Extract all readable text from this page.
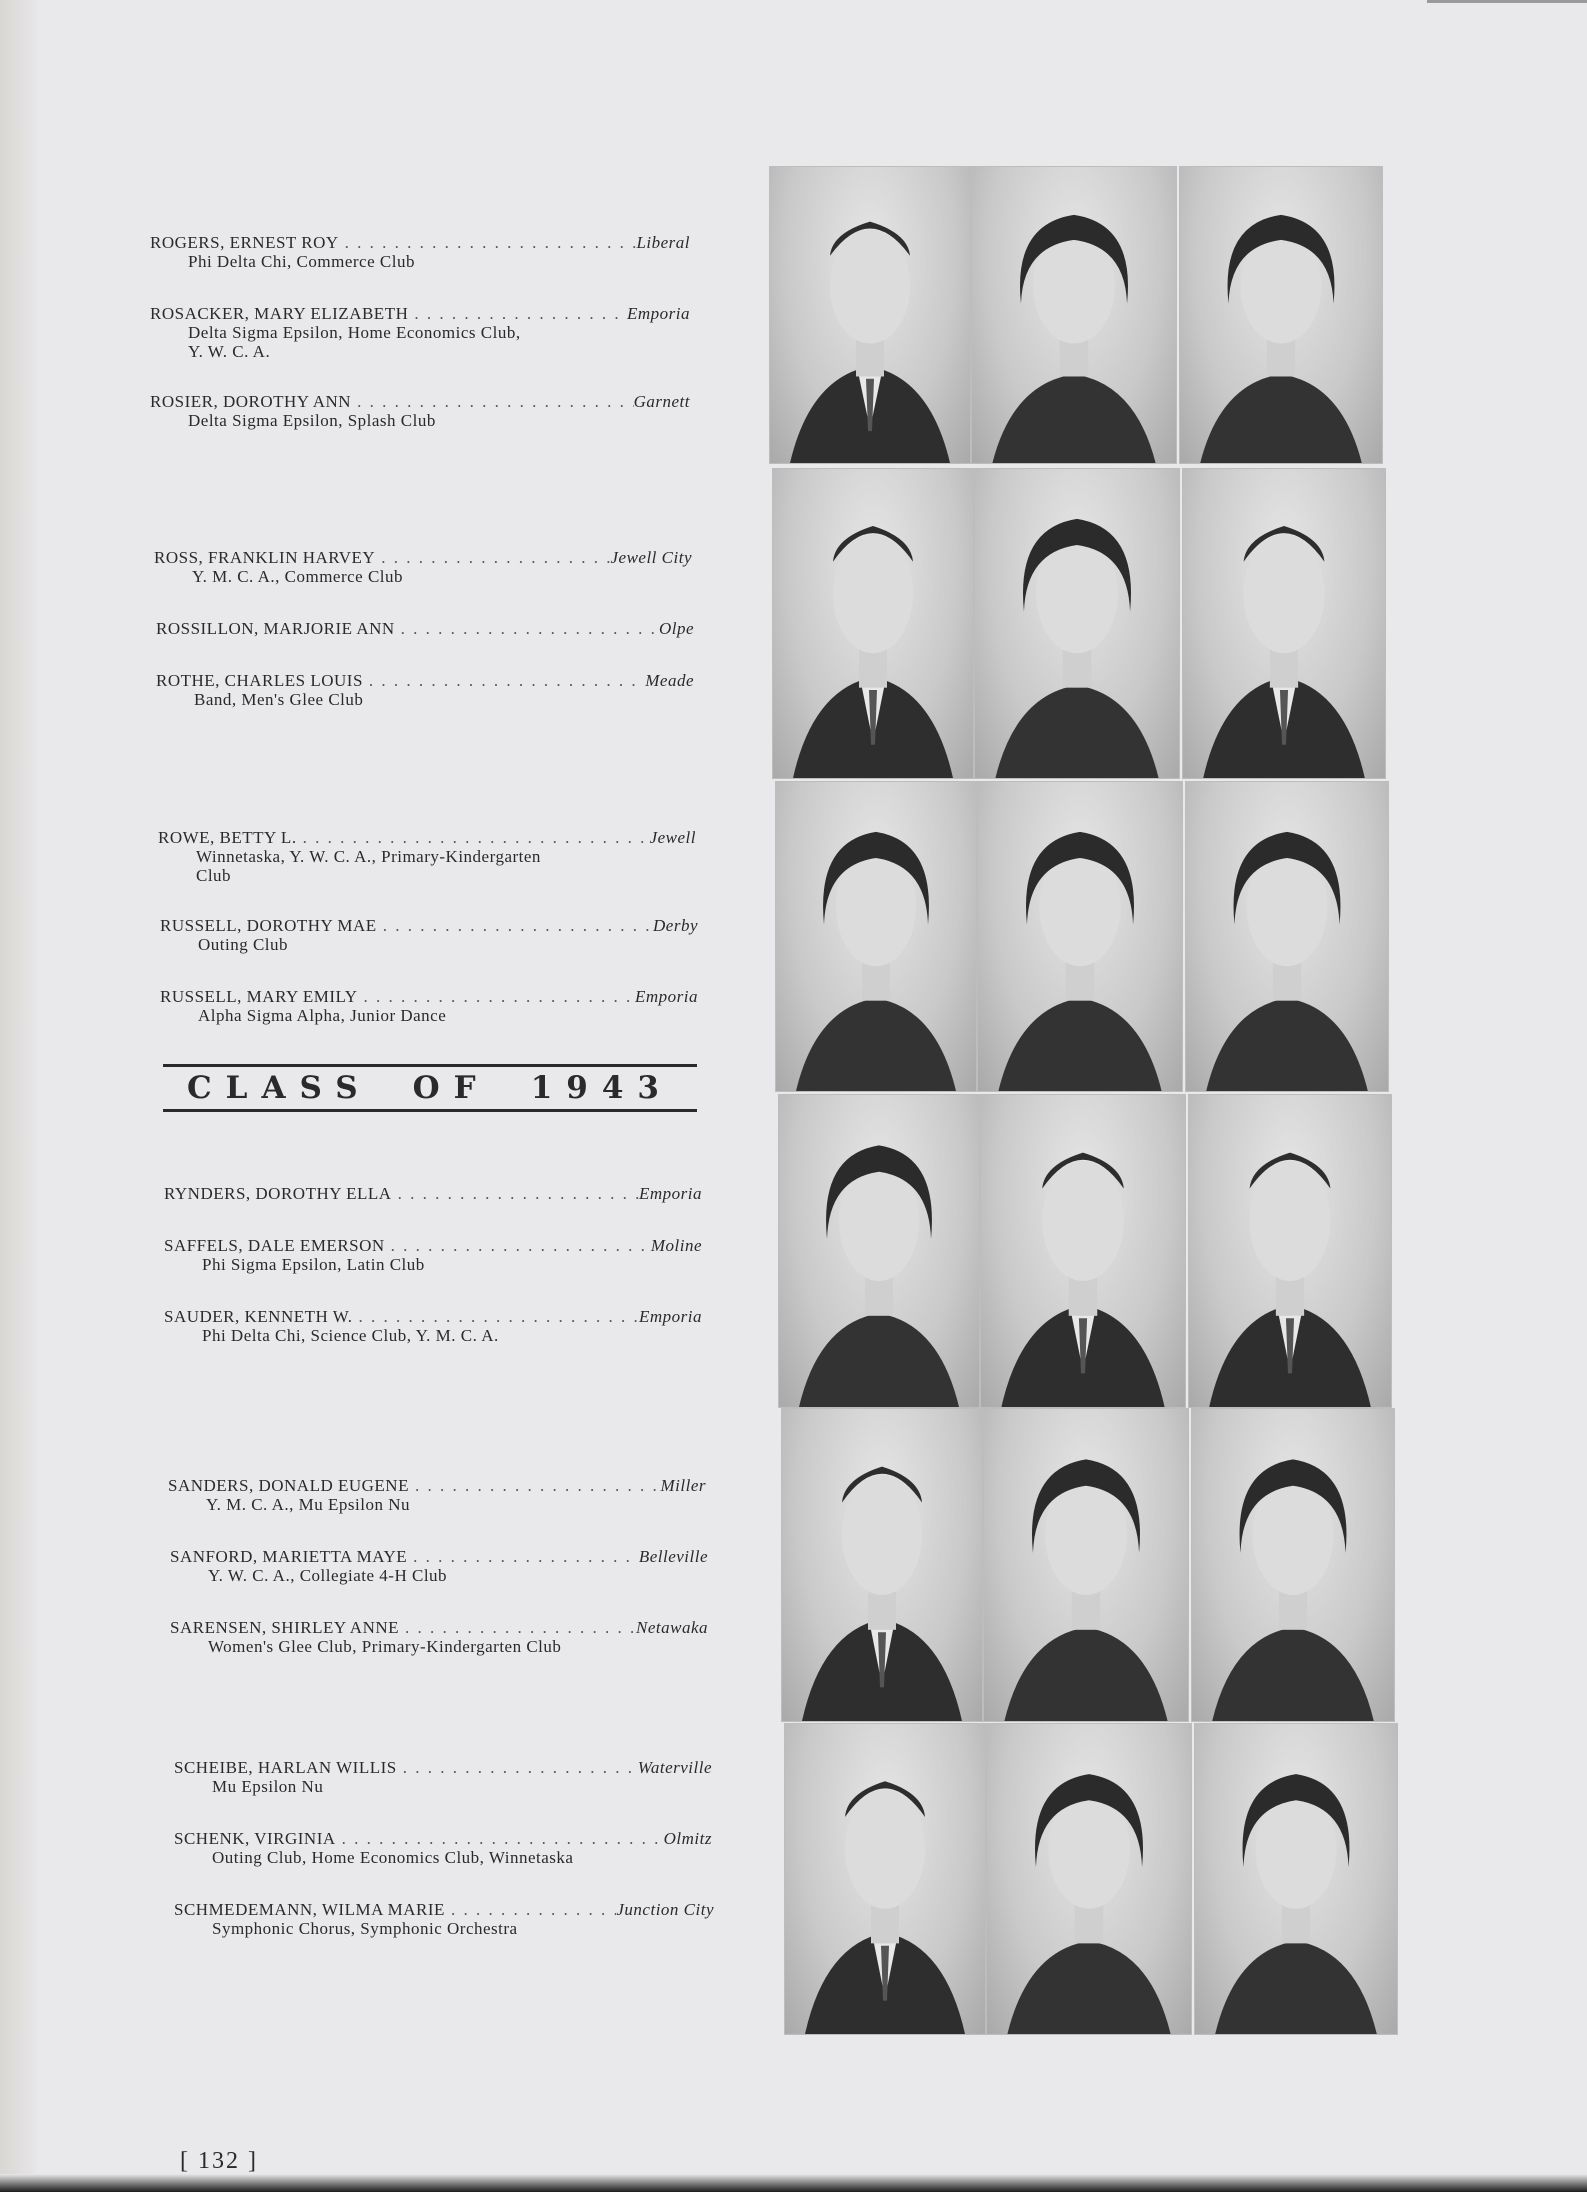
ROGERS, ERNEST ROY . . .	Liberal
Phi Delta Chi, Commerce Club
ROSACKER, MARY ELIZABETH . . .	Emporia
Delta Sigma Epsilon, Home Economics Club,
Y. W. C. A.
ROSIER, DOROTHY ANN . . .	Garnett
Delta Sigma Epsilon, Splash Club
ROSS, FRANKLIN HARVEY . . .	Jewell City
Y. M. C. A., Commerce Club
ROSSILLON, MARJORIE ANN . . .	Olpe
ROTHE, CHARLES LOUIS . . .	Meade
Band, Men's Glee Club
ROWE, BETTY L. . . .	Jewell
Winnetaska, Y. W. C. A., Primary-Kindergarten
Club
RUSSELL, DOROTHY MAE . . .	Derby
Outing Club
RUSSELL, MARY EMILY . . .	Emporia
Alpha Sigma Alpha, Junior Dance
CLASS OF 1943
RYNDERS, DOROTHY ELLA . . .	Emporia
SAFFELS, DALE EMERSON . . .	Moline
Phi Sigma Epsilon, Latin Club
SAUDER, KENNETH W. . . .	Emporia
Phi Delta Chi, Science Club, Y. M. C. A.
SANDERS, DONALD EUGENE . . .	Miller
Y. M. C. A., Mu Epsilon Nu
SANFORD, MARIETTA MAYE . . .	Belleville
Y. W. C. A., Collegiate 4-H Club
SARENSEN, SHIRLEY ANNE . . .	Netawaka
Women's Glee Club, Primary-Kindergarten Club
SCHEIBE, HARLAN WILLIS . . .	Waterville
Mu Epsilon Nu
SCHENK, VIRGINIA . . .	Olmitz
Outing Club, Home Economics Club, Winnetaska
SCHMEDEMANN, WILMA MARIE . . .	Junction City
Symphonic Chorus, Symphonic Orchestra
[ 132 ]
